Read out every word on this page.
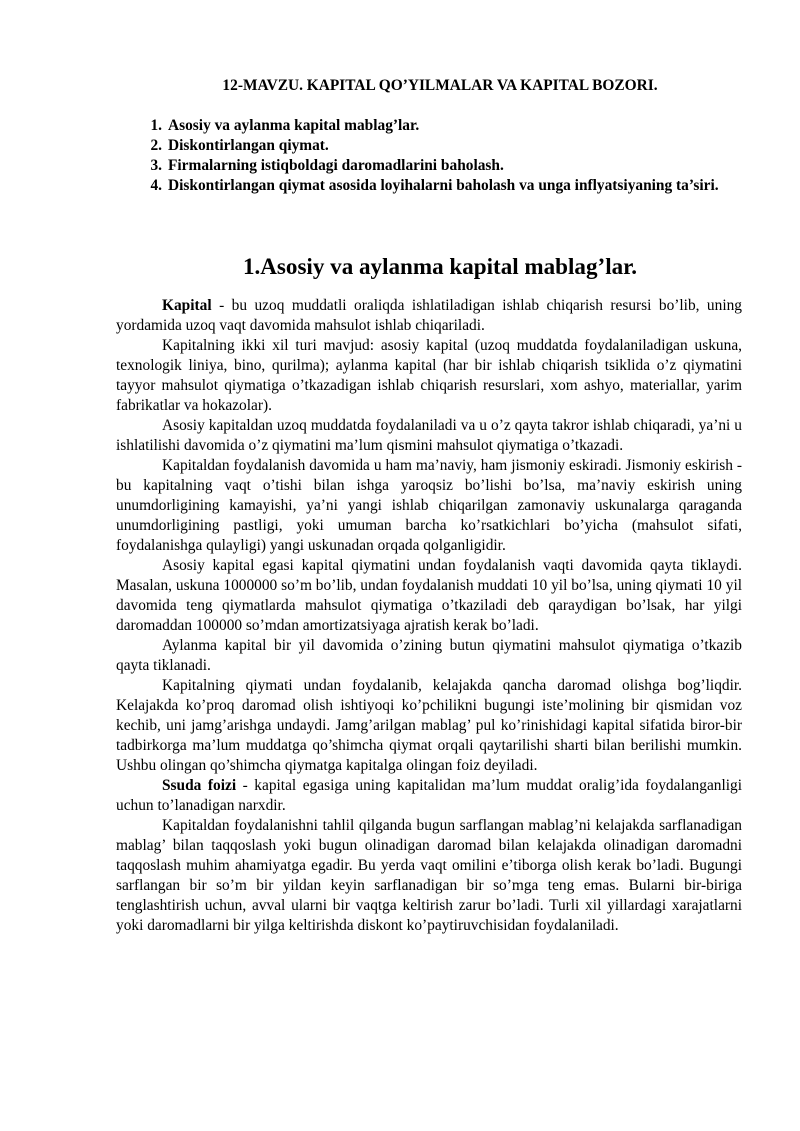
12-MAVZU. KAPITAL QO’YILMALAR VA KAPITAL BOZORI.
1. Asosiy va aylanma kapital mablag’lar.
2. Diskontirlangan qiymat.
3. Firmalarning istiqboldagi daromadlarini baholash.
4. Diskontirlangan qiymat asosida loyihalarni baholash va unga inflyatsiyaning ta’siri.
1.Asosiy va aylanma kapital mablag’lar.

Kapital - bu uzoq muddatli oraliqda ishlatiladigan ishlab chiqarish resursi bo’lib, uning yordamida uzoq vaqt davomida mahsulot ishlab chiqariladi.

Kapitalning ikki xil turi mavjud: asosiy kapital (uzoq muddatda foydalaniladigan uskuna, texnologik liniya, bino, qurilma); aylanma kapital (har bir ishlab chiqarish tsiklida o’z qiymatini tayyor mahsulot qiymatiga o’tkazadigan ishlab chiqarish resurslari, xom ashyo, materiallar, yarim fabrikatlar va hokazolar).

Asosiy kapitaldan uzoq muddatda foydalaniladi va u o’z qayta takror ishlab chiqaradi, ya’ni u ishlatilishi davomida o’z qiymatini ma’lum qismini mahsulot qiymatiga o’tkazadi.

Kapitaldan foydalanish davomida u ham ma’naviy, ham jismoniy eskiradi. Jismoniy eskirish - bu kapitalning vaqt o’tishi bilan ishga yaroqsiz bo’lishi bo’lsa, ma’naviy eskirish uning unumdorligining kamayishi, ya’ni yangi ishlab chiqarilgan zamonaviy uskunalarga qaraganda unumdorligining pastligi, yoki umuman barcha ko’rsatkichlari bo’yicha (mahsulot sifati, foydalanishga qulayligi) yangi uskunadan orqada qolganligidir.

Asosiy kapital egasi kapital qiymatini undan foydalanish vaqti davomida qayta tiklaydi. Masalan, uskuna 1000000 so’m bo’lib, undan foydalanish muddati 10 yil bo’lsa, uning qiymati 10 yil davomida teng qiymatlarda mahsulot qiymatiga o’tkaziladi deb qaraydigan bo’lsak, har yilgi daromaddan 100000 so’mdan amortizatsiyaga ajratish kerak bo’ladi.

Aylanma kapital bir yil davomida o’zining butun qiymatini mahsulot qiymatiga o’tkazib qayta tiklanadi.

Kapitalning qiymati undan foydalanib, kelajakda qancha daromad olishga bog’liqdir. Kelajakda ko’proq daromad olish ishtiyoqi ko’pchilikni bugungi iste’molining bir qismidan voz kechib, uni jamg’arishga undaydi. Jamg’arilgan mablag’ pul ko’rinishidagi kapital sifatida biror-bir tadbirkorga ma’lum muddatga qo’shimcha qiymat orqali qaytarilishi sharti bilan berilishi mumkin. Ushbu olingan qo’shimcha qiymatga kapitalga olingan foiz deyiladi.

Ssuda foizi - kapital egasiga uning kapitalidan ma’lum muddat oralig’ida foydalanganligi uchun to’lanadigan narxdir.

Kapitaldan foydalanishni tahlil qilganda bugun sarflangan mablag’ni kelajakda sarflanadigan mablag’ bilan taqqoslash yoki bugun olinadigan daromad bilan kelajakda olinadigan daromadni taqqoslash muhim ahamiyatga egadir. Bu yerda vaqt omilini e’tiborga olish kerak bo’ladi. Bugungi sarflangan bir so’m bir yildan keyin sarflanadigan bir so’mga teng emas. Bularni bir-biriga tenglashtirish uchun, avval ularni bir vaqtga keltirish zarur bo’ladi. Turli xil yillardagi xarajatlarni yoki daromadlarni bir yilga keltirishda diskont ko’paytiruvchisidan foydalaniladi.
